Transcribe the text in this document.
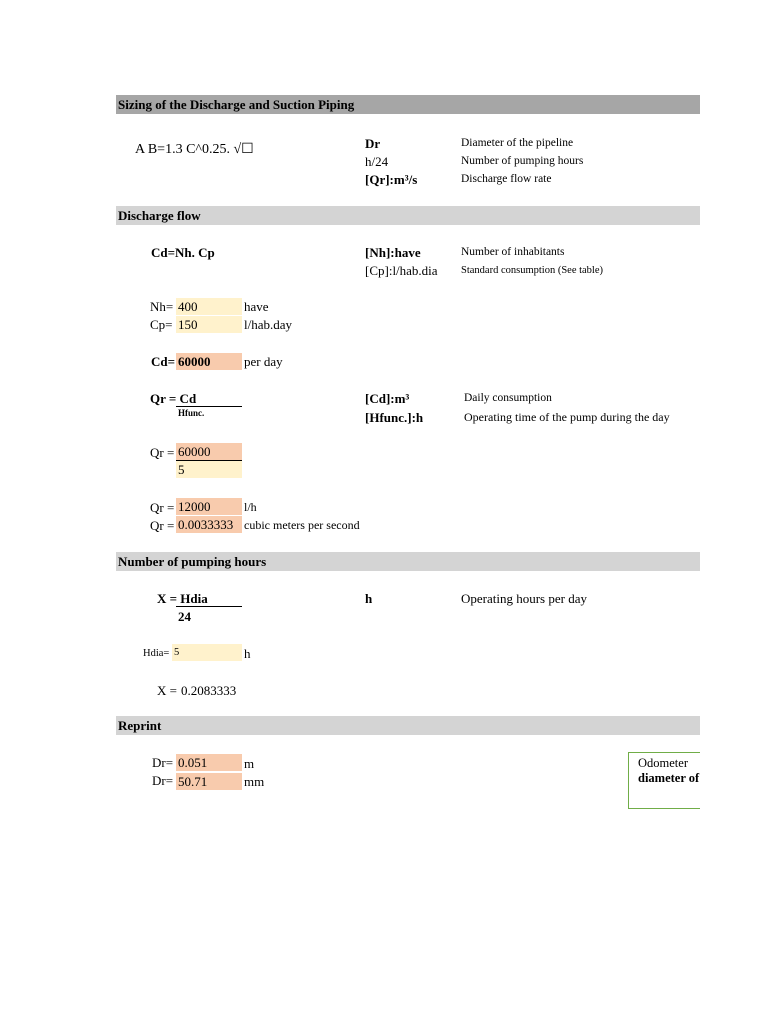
Sizing of the Discharge and Suction Piping
A B=1.3 C^0.25. √☐	Dr	Diameter of the pipeline
h/24	Number of pumping hours
[Qr]:m³/s	Discharge flow rate
Discharge flow
Cd=Nh. Cp	[Nh]:have	Number of inhabitants
[Cp]:l/hab.dia Standard consumption (See table)
Nh= 400	have
Cp= 150	l/hab.day
Cd= 60000	per day
Qr = Cd
Hfunc.
[Cd]:m³	Daily consumption
[Hfunc.]:h	Operating time of the pump during the day
Qr = 60000
5
Qr = 12000	l/h
Qr = 0.0033333 cubic meters per second
Number of pumping hours
X = Hdia
24
h	Operating hours per day
Hdia= 5	h
X = 0.2083333
Reprint
Dr= 0.051	m
Dr= 50.71	mm
Odometer
diameter of
